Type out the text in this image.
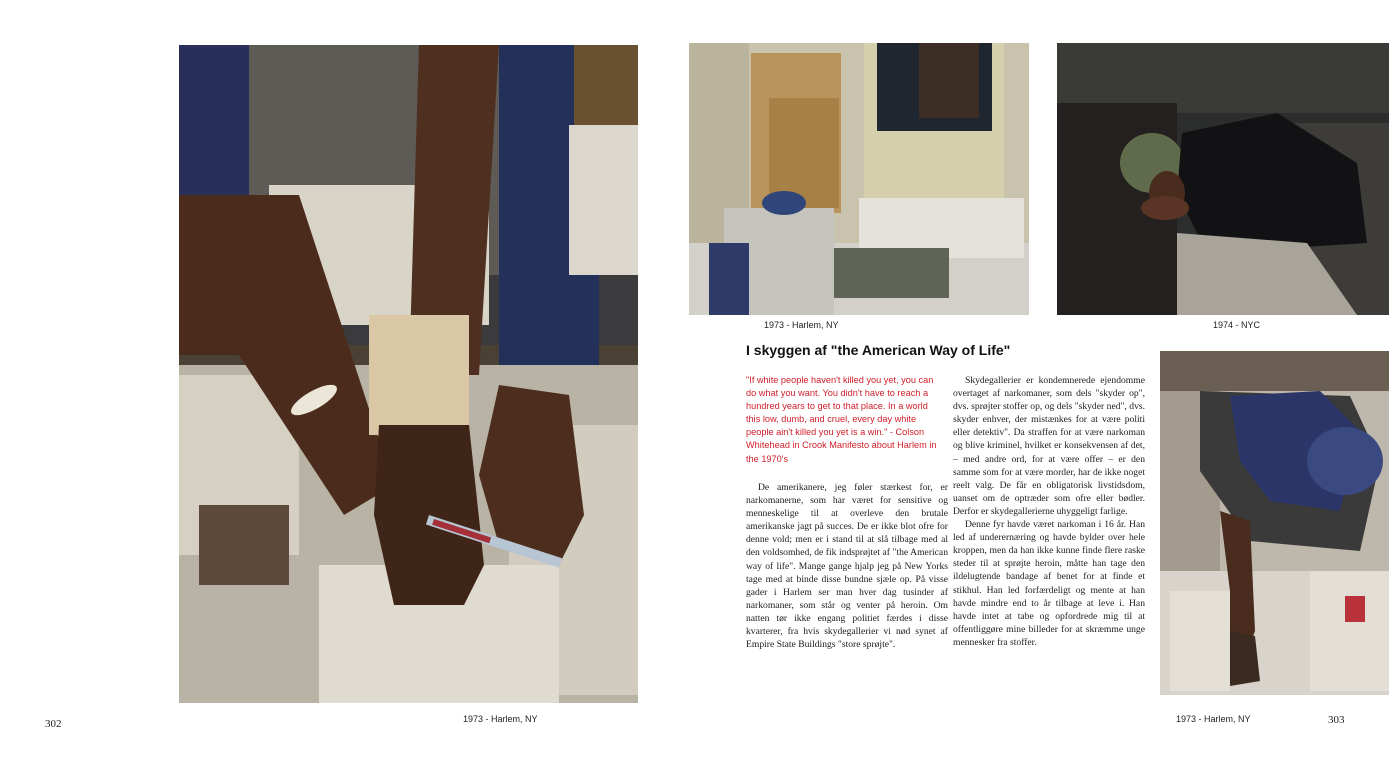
1973 - Harlem, NY
302
1973 - Harlem, NY	1974 - NYC
1973 - Harlem, NY	303
I skyggen af "the American Way of Life"
"If white people haven't killed you yet, you can do what you want. You didn't have to reach a hundred years to get to that place. In a world this low, dumb, and cruel, every day white people ain't killed you yet is a win." - Colson Whitehead in Crook Manifesto about Harlem in the 1970's

De amerikanere, jeg føler stærkest for, er narkomanerne, som har været for sensitive og menneskelige til at overleve den brutale amerikanske jagt på succes. De er ikke blot ofre for denne vold; men er i stand til at slå tilbage med al den voldsomhed, de fik indsprøjtet af "the American way of life". Mange gange hjalp jeg på New Yorks tage med at binde disse bundne sjæle op. På visse gader i Harlem ser man hver dag tusinder af narkomaner, som står og venter på heroin. Om natten tør ikke engang politiet færdes i disse kvarterer, fra hvis skydegallerier vi nød synet af Empire State Buildings "store sprøjte".

Skydegallerier er kondemnerede ejendomme overtaget af narkomaner, som dels "skyder op", dvs. sprøjter stoffer op, og dels "skyder ned", dvs. skyder enhver, der mistænkes for at være politi eller detektiv". Da straffen for at være narkoman og blive kriminel, hvilket er konsekvensen af det, – med andre ord, for at være offer – er den samme som for at være morder, har de ikke noget reelt valg. De får en obligatorisk livstidsdom, uanset om de optræder som ofre eller bødler. Derfor er skydegallerierne uhyggeligt farlige.

Denne fyr havde været narkoman i 16 år. Han led af underernæring og havde bylder over hele kroppen, men da han ikke kunne finde flere raske steder til at sprøjte heroin, måtte han tage den ildelugtende bandage af benet for at finde et stikhul. Han led forfærdeligt og mente at han havde mindre end to år tilbage at leve i. Han havde intet at tabe og opfordrede mig til at offentliggøre mine billeder for at skræmme unge mennesker fra stoffer.
